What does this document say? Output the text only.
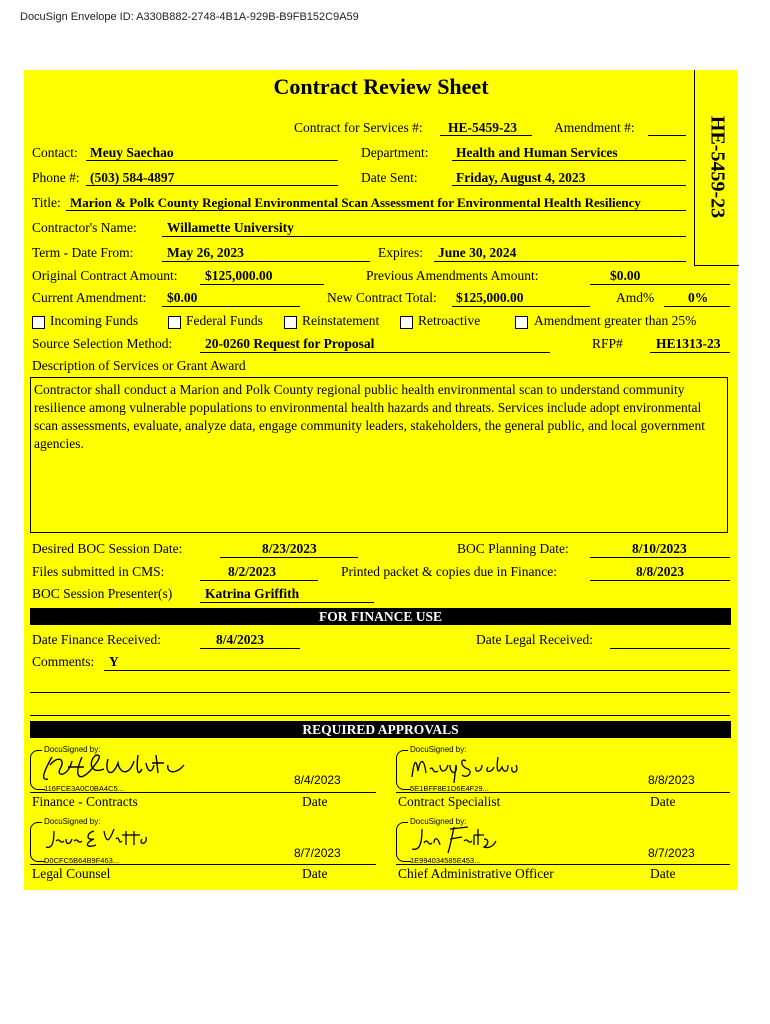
DocuSign Envelope ID: A330B882-2748-4B1A-929B-B9FB152C9A59
Contract Review Sheet
HE-5459-23
Contract for Services #: HE-5459-23	Amendment #:
Contact: Meuy Saechao	Department: Health and Human Services
Phone #: (503) 584-4897	Date Sent:	Friday, August 4, 2023
Title: Marion & Polk County Regional Environmental Scan Assessment for Environmental Health Resiliency
Contractor's Name: Willamette University
Term - Date From: May 26, 2023	Expires: June 30, 2024
Original Contract Amount: $125,000.00	Previous Amendments Amount:	$0.00
Current Amendment: $0.00	New Contract Total: $125,000.00	Amd%	0%
Incoming Funds	Federal Funds	Reinstatement	Retroactive	Amendment greater than 25%
Source Selection Method: 20-0260 Request for Proposal	RFP# HE1313-23
Description of Services or Grant Award
Contractor shall conduct a Marion and Polk County regional public health environmental scan to understand community resilience among vulnerable populations to environmental health hazards and threats. Services include adopt environmental scan assessments, evaluate, analyze data, engage community leaders, stakeholders, the general public, and local government agencies.
Desired BOC Session Date:	8/23/2023	BOC Planning Date:	8/10/2023
Files submitted in CMS:	8/2/2023	Printed packet & copies due in Finance:	8/8/2023
BOC Session Presenter(s) Katrina Griffith
FOR FINANCE USE
Date Finance Received:	8/4/2023	Date Legal Received:
Comments: Y
REQUIRED APPROVALS
DocuSigned by:
116FCE3A0C0BA4C5...
8/4/2023
Finance - Contracts	Date
DocuSigned by:
5E1BFF8E1D6E4F29...
8/8/2023
Contract Specialist	Date
DocuSigned by:
D0CFC5B64B9F463...
8/7/2023
Legal Counsel	Date
DocuSigned by:
1E994034585E453...
8/7/2023
Chief Administrative Officer	Date
